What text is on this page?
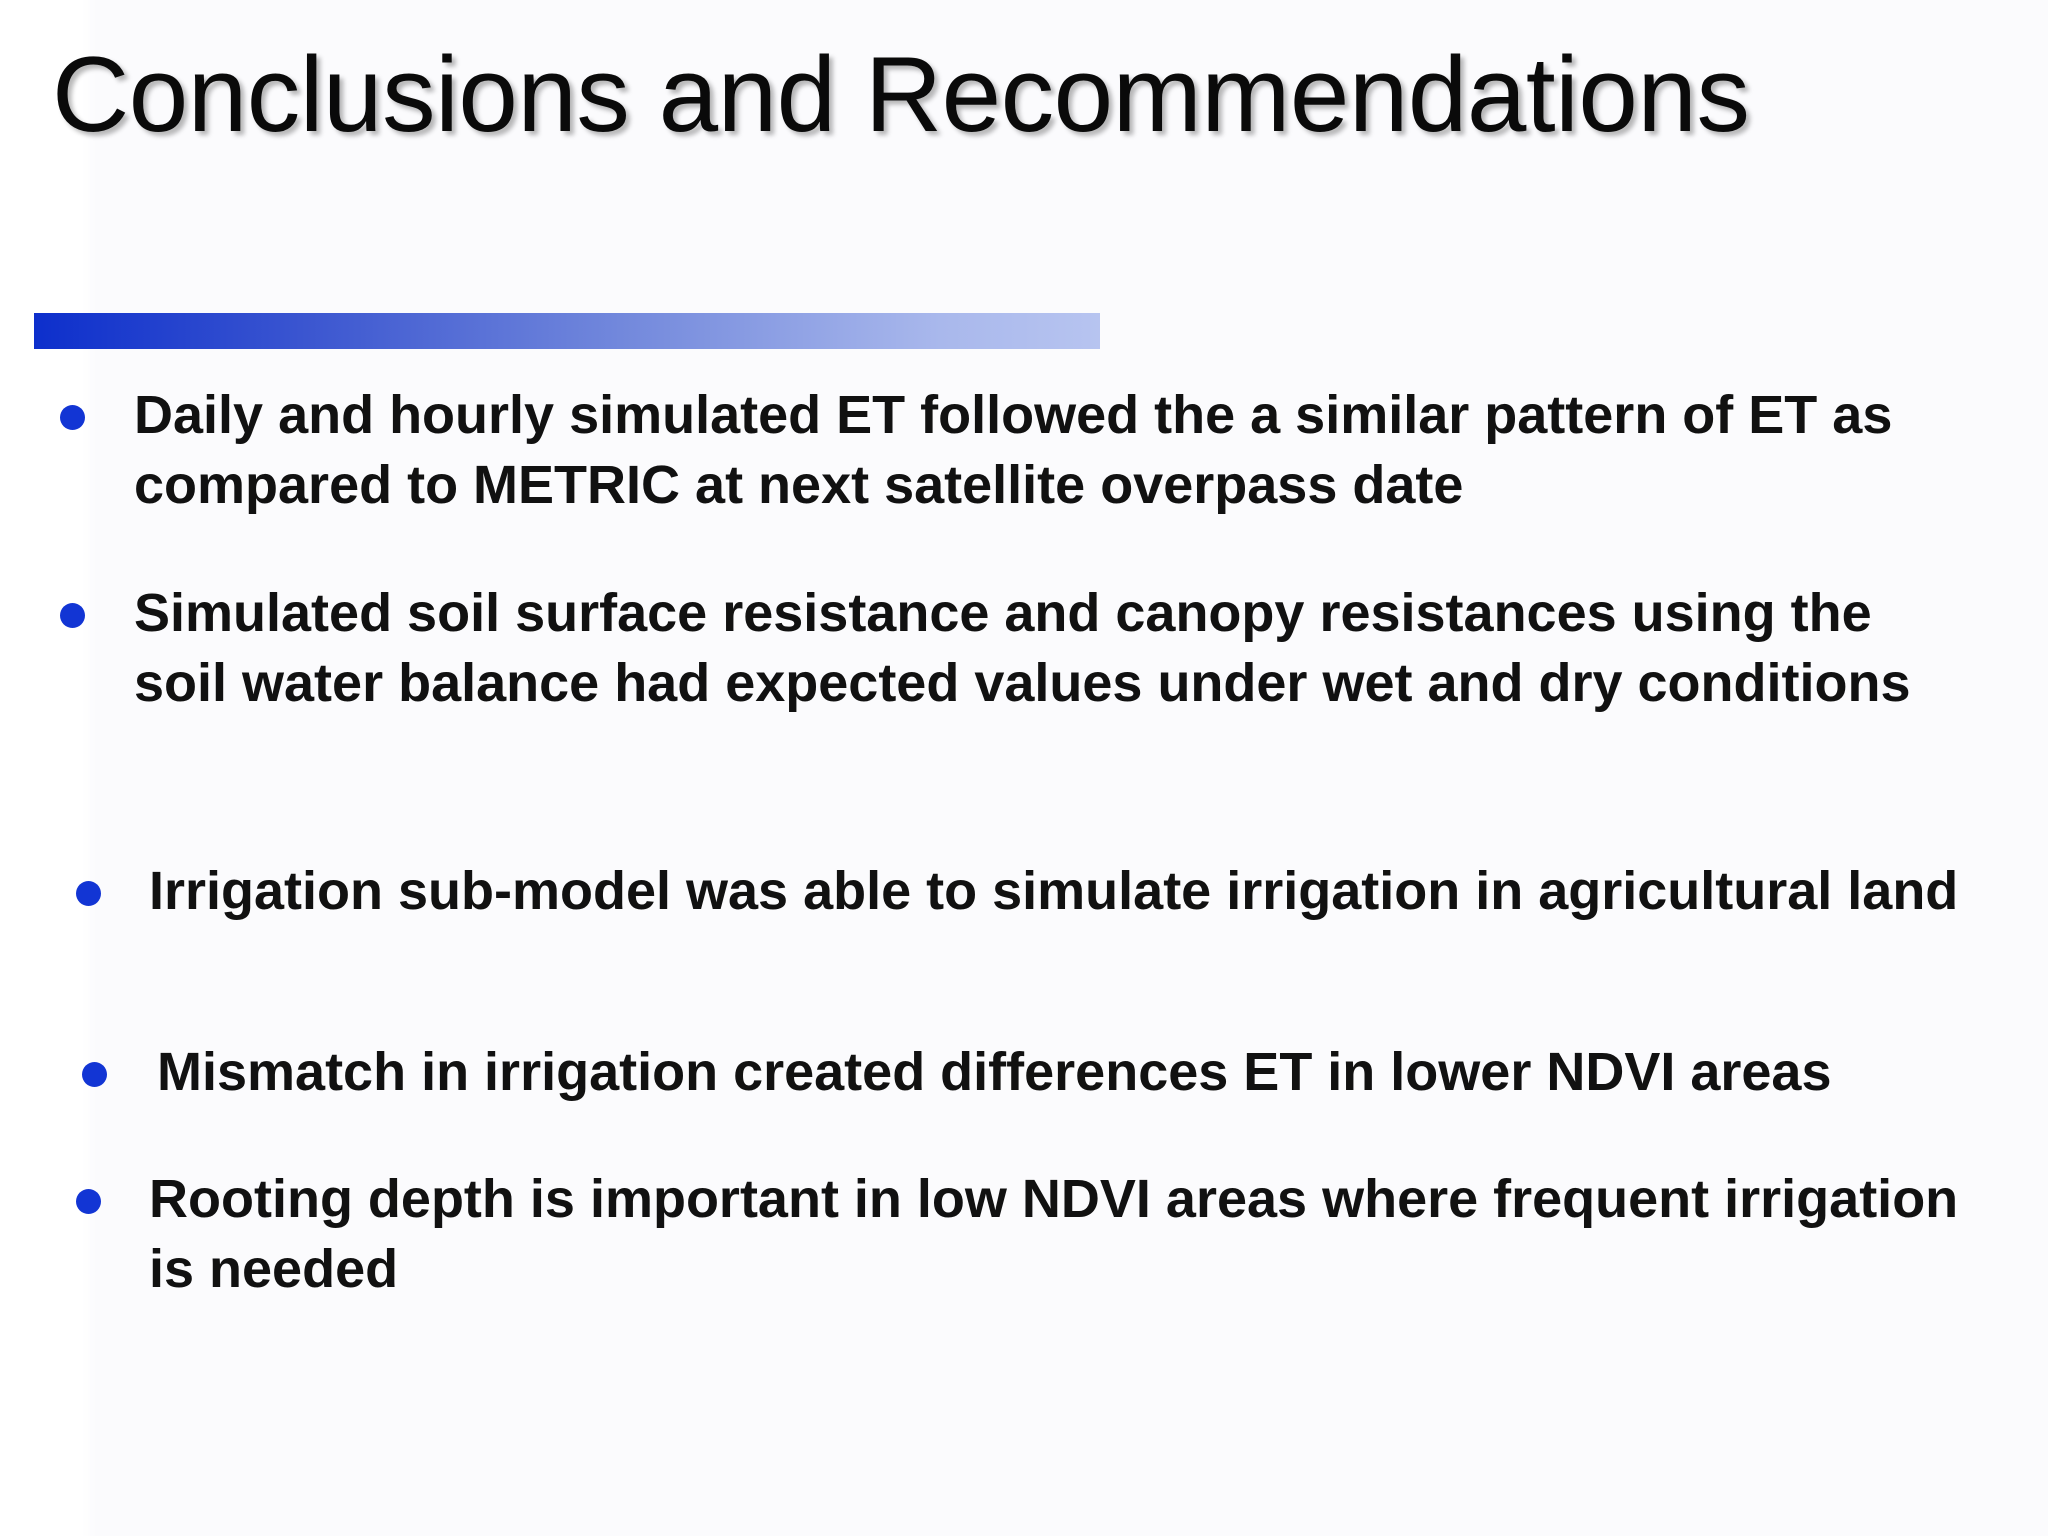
Conclusions and Recommendations
Daily and hourly simulated ET followed the a similar pattern of ET as compared to METRIC at next satellite overpass date
Simulated soil surface resistance and canopy resistances using the soil water balance had expected values under wet and dry conditions
Irrigation sub-model was able to simulate irrigation in agricultural land
Mismatch in irrigation created differences ET in lower NDVI areas
Rooting depth is important in low NDVI areas where frequent irrigation is needed
